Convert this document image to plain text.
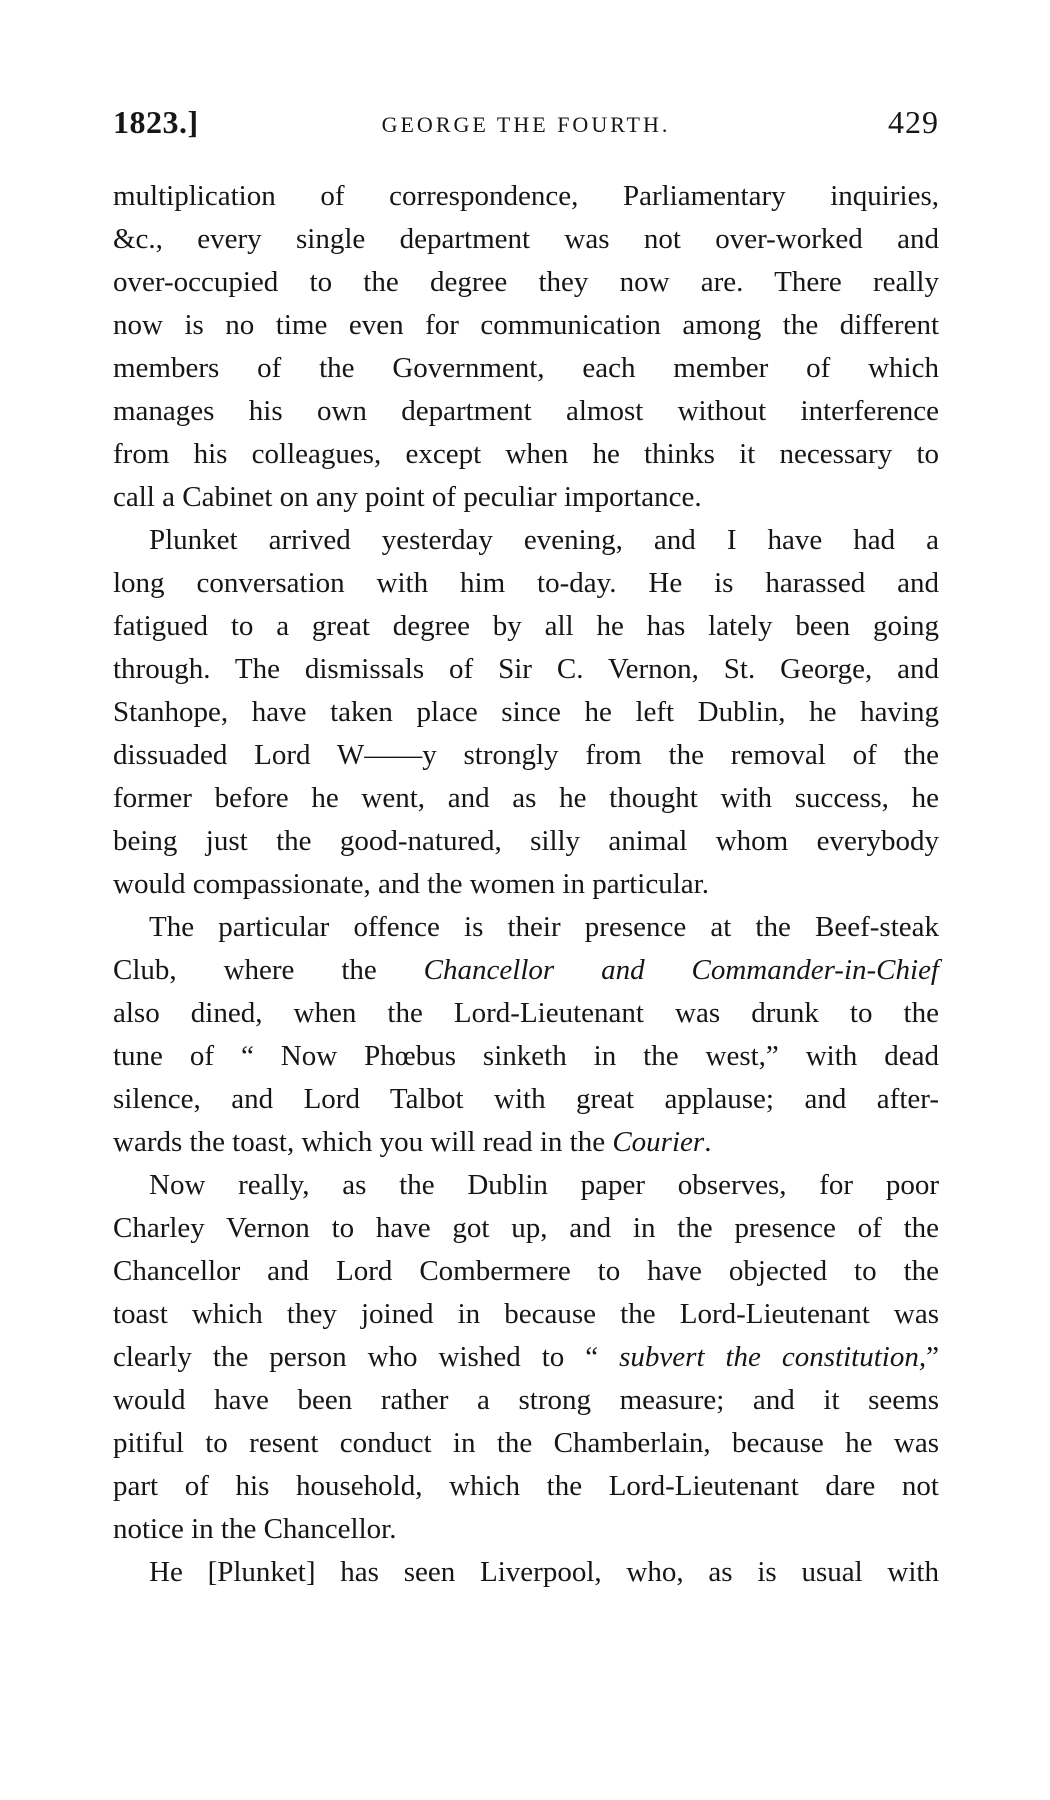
1823.]	GEORGE THE FOURTH.	429

multiplication of correspondence, Parliamentary inquiries,
&c., every single department was not over-worked and
over-occupied to the degree they now are. There really
now is no time even for communication among the different
members of the Government, each member of which
manages his own department almost without interference
from his colleagues, except when he thinks it necessary to
call a Cabinet on any point of peculiar importance.

Plunket arrived yesterday evening, and I have had a
long conversation with him to-day. He is harassed and
fatigued to a great degree by all he has lately been going
through. The dismissals of Sir C. Vernon, St. George, and
Stanhope, have taken place since he left Dublin, he having
dissuaded Lord W——y strongly from the removal of the
former before he went, and as he thought with success, he
being just the good-natured, silly animal whom everybody
would compassionate, and the women in particular.

The particular offence is their presence at the Beef-steak
Club, where the Chancellor and Commander-in-Chief
also dined, when the Lord-Lieutenant was drunk to the
tune of “ Now Phœbus sinketh in the west,” with dead
silence, and Lord Talbot with great applause; and after-
wards the toast, which you will read in the Courier.

Now really, as the Dublin paper observes, for poor
Charley Vernon to have got up, and in the presence of the
Chancellor and Lord Combermere to have objected to the
toast which they joined in because the Lord-Lieutenant was
clearly the person who wished to “ subvert the constitution,”
would have been rather a strong measure; and it seems
pitiful to resent conduct in the Chamberlain, because he was
part of his household, which the Lord-Lieutenant dare not
notice in the Chancellor.

He [Plunket] has seen Liverpool, who, as is usual with
